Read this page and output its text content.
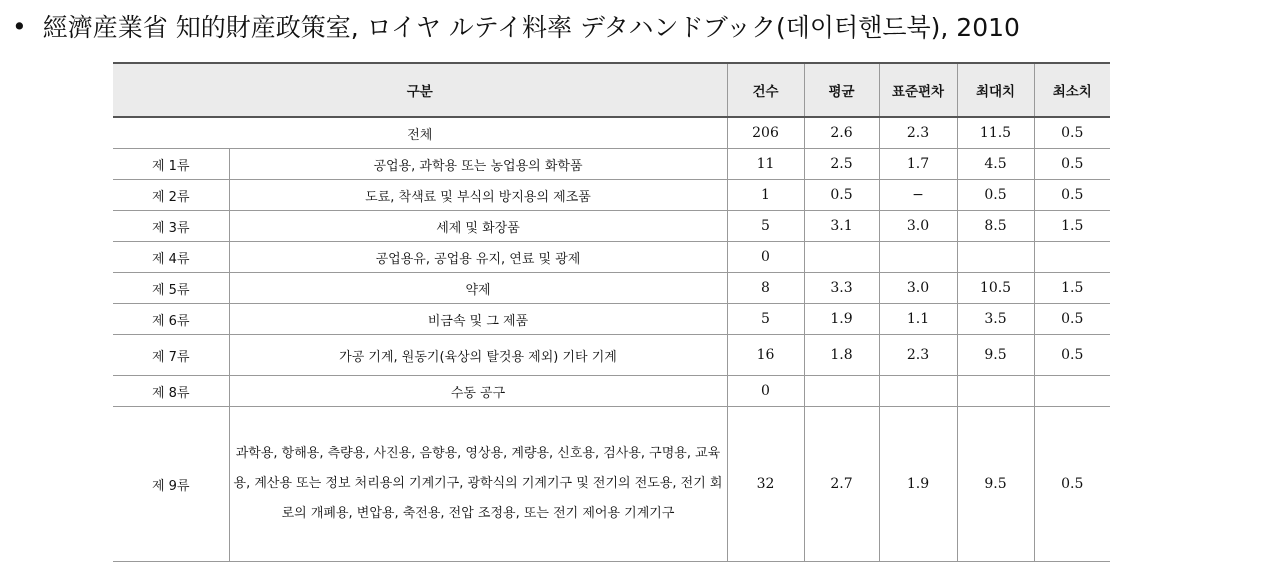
• 經濟産業省 知的財産政策室, ロイヤ ルテイ料率 デタハンドブック(데이터핸드북), 2010
구분		건수	평균	표준편차	최대치	최소치
전체		206	2.6	2.3	11.5	0.5
제 1류	공업용, 과학용 또는 농업용의 화학품	11	2.5	1.7	4.5	0.5
제 2류	도료, 착색료 및 부식의 방지용의 제조품	1	0.5	−	0.5	0.5
제 3류	세제 및 화장품	5	3.1	3.0	8.5	1.5
제 4류	공업용유, 공업용 유지, 연료 및 광제	0				
제 5류	약제	8	3.3	3.0	10.5	1.5
제 6류	비금속 및 그 제품	5	1.9	1.1	3.5	0.5
제 7류	가공 기계, 원동기(육상의 탈것용 제외) 기타 기계	16	1.8	2.3	9.5	0.5
제 8류	수동 공구	0				
제 9류	과학용, 항해용, 측량용, 사진용, 음향용, 영상용, 계량용, 신호용, 검사용, 구명용, 교육용, 계산용 또는 정보 처리용의 기계기구, 광학식의 기계기구 및 전기의 전도용, 전기 회로의 개폐용, 변압용, 축전용, 전압 조정용, 또는 전기 제어용 기계기구	32	2.7	1.9	9.5	0.5
